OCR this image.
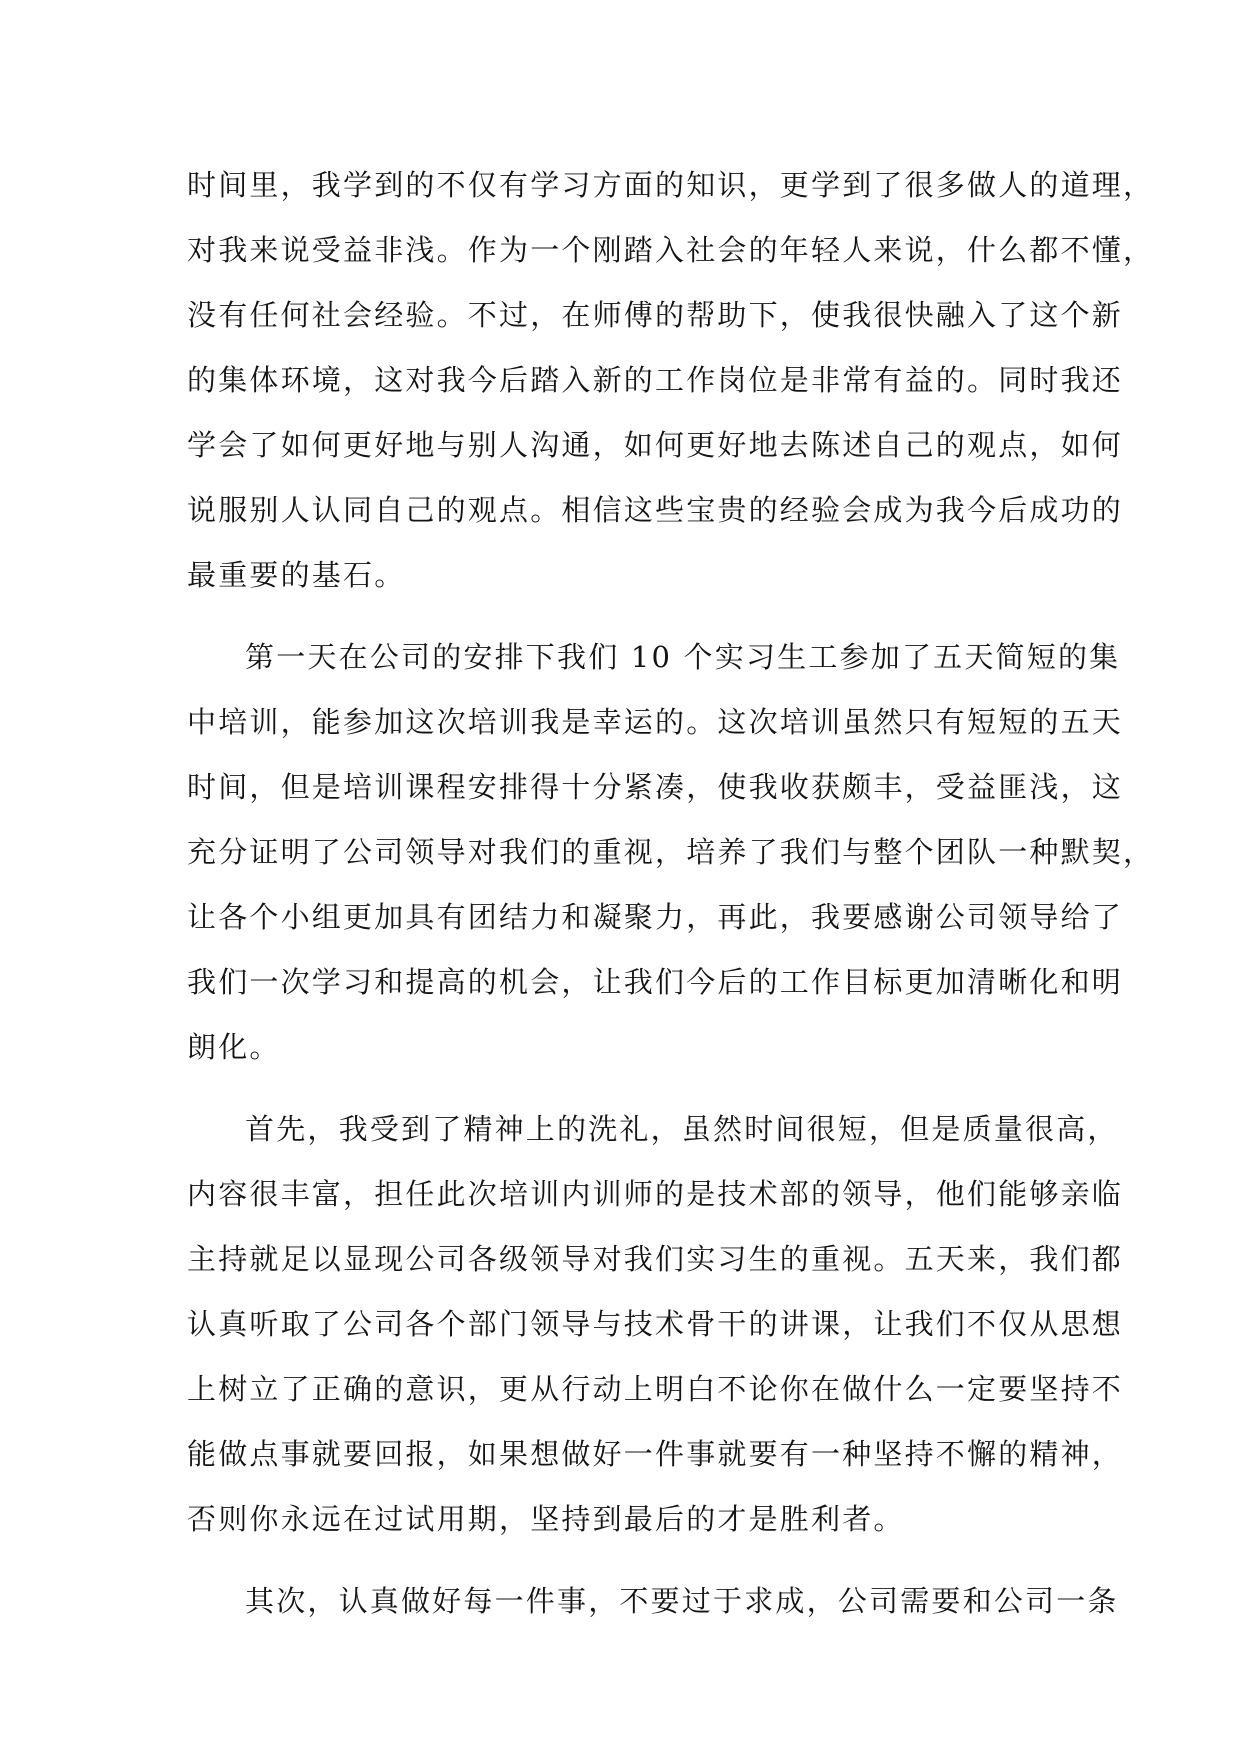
时间里，我学到的不仅有学习方面的知识，更学到了很多做人的道理，
对我来说受益非浅。作为一个刚踏入社会的年轻人来说，什么都不懂，
没有任何社会经验。不过，在师傅的帮助下，使我很快融入了这个新
的集体环境，这对我今后踏入新的工作岗位是非常有益的。同时我还
学会了如何更好地与别人沟通，如何更好地去陈述自己的观点，如何
说服别人认同自己的观点。相信这些宝贵的经验会成为我今后成功的
最重要的基石。
第一天在公司的安排下我们 10 个实习生工参加了五天简短的集
中培训，能参加这次培训我是幸运的。这次培训虽然只有短短的五天
时间，但是培训课程安排得十分紧凑，使我收获颇丰，受益匪浅，这
充分证明了公司领导对我们的重视，培养了我们与整个团队一种默契，
让各个小组更加具有团结力和凝聚力，再此，我要感谢公司领导给了
我们一次学习和提高的机会，让我们今后的工作目标更加清晰化和明
朗化。
首先，我受到了精神上的洗礼，虽然时间很短，但是质量很高，
内容很丰富，担任此次培训内训师的是技术部的领导，他们能够亲临
主持就足以显现公司各级领导对我们实习生的重视。五天来，我们都
认真听取了公司各个部门领导与技术骨干的讲课，让我们不仅从思想
上树立了正确的意识，更从行动上明白不论你在做什么一定要坚持不
能做点事就要回报，如果想做好一件事就要有一种坚持不懈的精神，
否则你永远在过试用期，坚持到最后的才是胜利者。
其次，认真做好每一件事，不要过于求成，公司需要和公司一条
